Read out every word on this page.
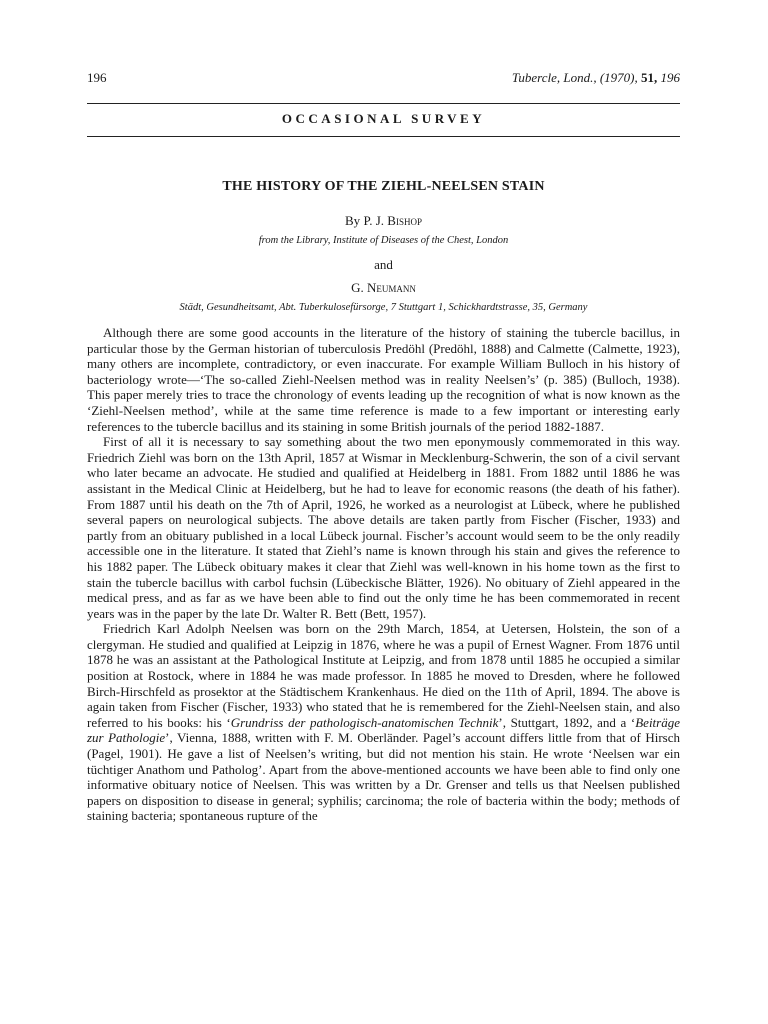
196	Tubercle, Lond., (1970), 51, 196
OCCASIONAL SURVEY
THE HISTORY OF THE ZIEHL-NEELSEN STAIN
By P. J. Bishop
from the Library, Institute of Diseases of the Chest, London
and
G. Neumann
Städt, Gesundheitsamt, Abt. Tuberkulosefürsorge, 7 Stuttgart 1, Schickhardtstrasse, 35, Germany

Although there are some good accounts in the literature of the history of staining the tubercle bacillus, in particular those by the German historian of tuberculosis Predöhl (Predöhl, 1888) and Calmette (Calmette, 1923), many others are incomplete, contradictory, or even inaccurate. For example William Bulloch in his history of bacteriology wrote—‘The so-called Ziehl-Neelsen method was in reality Neelsen’s’ (p. 385) (Bulloch, 1938). This paper merely tries to trace the chronology of events leading up the recognition of what is now known as the ‘Ziehl-Neelsen method’, while at the same time reference is made to a few important or interesting early references to the tubercle bacillus and its staining in some British journals of the period 1882-1887.

First of all it is necessary to say something about the two men eponymously commemorated in this way. Friedrich Ziehl was born on the 13th April, 1857 at Wismar in Mecklenburg-Schwerin, the son of a civil servant who later became an advocate. He studied and qualified at Heidelberg in 1881. From 1882 until 1886 he was assistant in the Medical Clinic at Heidelberg, but he had to leave for economic reasons (the death of his father). From 1887 until his death on the 7th of April, 1926, he worked as a neurologist at Lübeck, where he published several papers on neurological subjects. The above details are taken partly from Fischer (Fischer, 1933) and partly from an obituary published in a local Lübeck journal. Fischer’s account would seem to be the only readily accessible one in the literature. It stated that Ziehl’s name is known through his stain and gives the reference to his 1882 paper. The Lübeck obituary makes it clear that Ziehl was well-known in his home town as the first to stain the tubercle bacillus with carbol fuchsin (Lübeckische Blätter, 1926). No obituary of Ziehl appeared in the medical press, and as far as we have been able to find out the only time he has been commemorated in recent years was in the paper by the late Dr. Walter R. Bett (Bett, 1957).

Friedrich Karl Adolph Neelsen was born on the 29th March, 1854, at Uetersen, Holstein, the son of a clergyman. He studied and qualified at Leipzig in 1876, where he was a pupil of Ernest Wagner. From 1876 until 1878 he was an assistant at the Pathological Institute at Leipzig, and from 1878 until 1885 he occupied a similar position at Rostock, where in 1884 he was made professor. In 1885 he moved to Dresden, where he followed Birch-Hirschfeld as prosektor at the Städtischem Krankenhaus. He died on the 11th of April, 1894. The above is again taken from Fischer (Fischer, 1933) who stated that he is remembered for the Ziehl-Neelsen stain, and also referred to his books: his ‘Grundriss der pathologisch-anatomischen Technik’, Stuttgart, 1892, and a ‘Beiträge zur Pathologie’, Vienna, 1888, written with F. M. Oberländer. Pagel’s account differs little from that of Hirsch (Pagel, 1901). He gave a list of Neelsen’s writing, but did not mention his stain. He wrote ‘Neelsen war ein tüchtiger Anathom und Patholog’. Apart from the above-mentioned accounts we have been able to find only one informative obituary notice of Neelsen. This was written by a Dr. Grenser and tells us that Neelsen published papers on disposition to disease in general; syphilis; carcinoma; the role of bacteria within the body; methods of staining bacteria; spontaneous rupture of the
